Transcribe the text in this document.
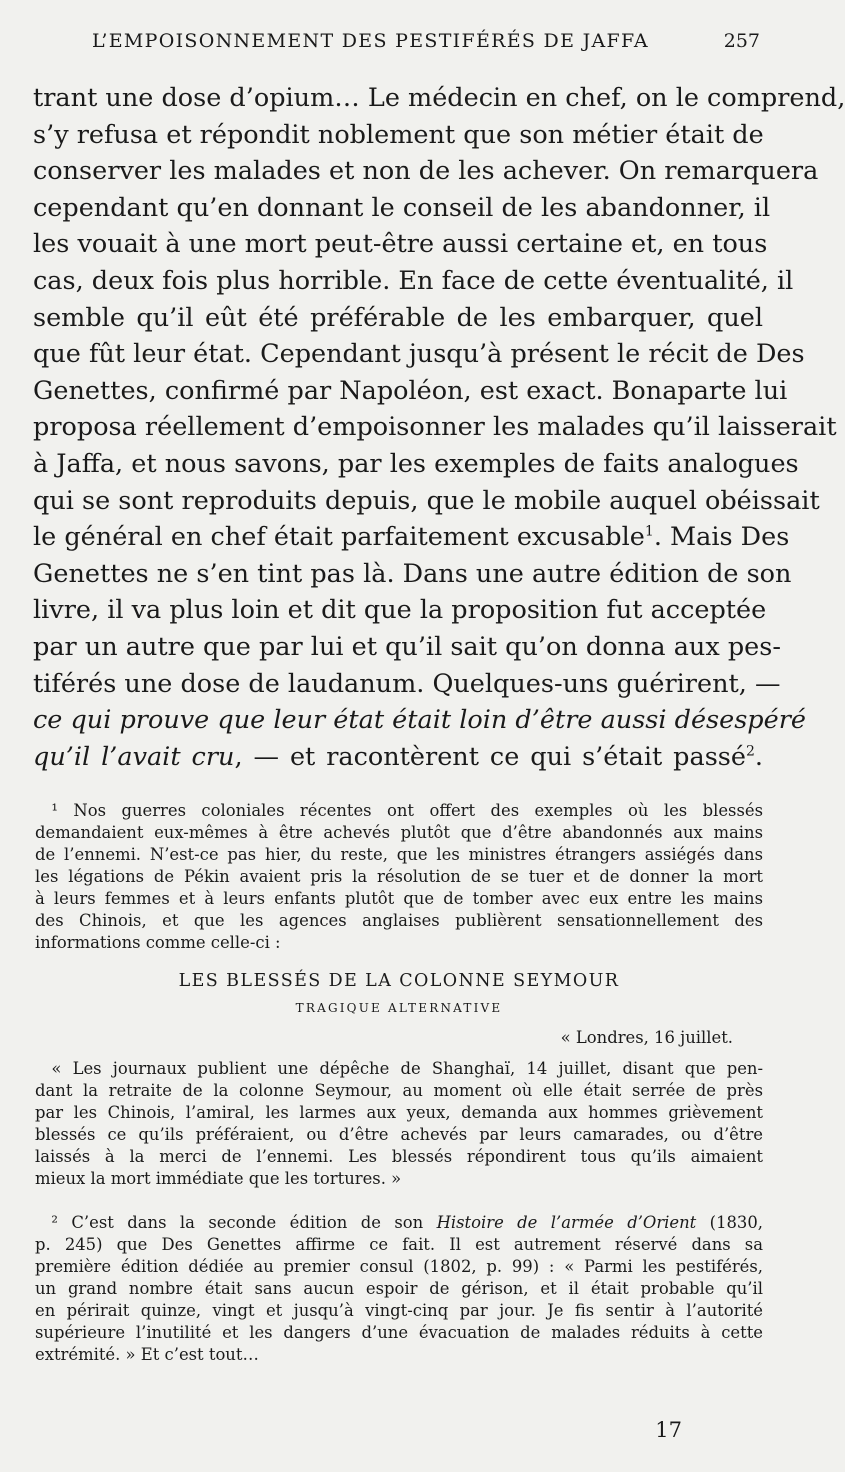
L’EMPOISONNEMENT DES PESTIFÉRÉS DE JAFFA	257
trant une dose d’opium… Le médecin en chef, on le comprend,
s’y refusa et répondit noblement que son métier était de
conserver les malades et non de les achever. On remarquera
cependant qu’en donnant le conseil de les abandonner, il
les vouait à une mort peut-être aussi certaine et, en tous
cas, deux fois plus horrible. En face de cette éventualité, il
semble qu’il eût été préférable de les embarquer, quel
que fût leur état. Cependant jusqu’à présent le récit de Des
Genettes, confirmé par Napoléon, est exact. Bonaparte lui
proposa réellement d’empoisonner les malades qu’il laisserait
à Jaffa, et nous savons, par les exemples de faits analogues
qui se sont reproduits depuis, que le mobile auquel obéissait
le général en chef était parfaitement excusable$^1$. Mais Des
Genettes ne s’en tint pas là. Dans une autre édition de son
livre, il va plus loin et dit que la proposition fut acceptée
par un autre que par lui et qu’il sait qu’on donna aux pes-
tiférés une dose de laudanum. Quelques-uns guérirent, —
ce qui prouve que leur état était loin d’être aussi désespéré
qu’il l’avait cru, — et racontèrent ce qui s’était passé$^2$.
 ¹ Nos guerres coloniales récentes ont offert des exemples où les blessés
demandaient eux-mêmes à être achevés plutôt que d’être abandonnés aux mains
de l’ennemi. N’est-ce pas hier, du reste, que les ministres étrangers assiégés dans
les légations de Pékin avaient pris la résolution de se tuer et de donner la mort
à leurs femmes et à leurs enfants plutôt que de tomber avec eux entre les mains
des Chinois, et que les agences anglaises publièrent sensationnellement des
informations comme celle-ci :
LES BLESSÉS DE LA COLONNE SEYMOUR
TRAGIQUE ALTERNATIVE
« Londres, 16 juillet.
 « Les journaux publient une dépêche de Shanghaï, 14 juillet, disant que pen-
dant la retraite de la colonne Seymour, au moment où elle était serrée de près
par les Chinois, l’amiral, les larmes aux yeux, demanda aux hommes grièvement
blessés ce qu’ils préféraient, ou d’être achevés par leurs camarades, ou d’être
laissés à la merci de l’ennemi. Les blessés répondirent tous qu’ils aimaient
mieux la mort immédiate que les tortures. »
 ² C’est dans la seconde édition de son Histoire de l’armée d’Orient (1830,
p. 245) que Des Genettes affirme ce fait. Il est autrement réservé dans sa
première édition dédiée au premier consul (1802, p. 99) : « Parmi les pestiférés,
un grand nombre était sans aucun espoir de gérison, et il était probable qu’il
en périrait quinze, vingt et jusqu’à vingt-cinq par jour. Je fis sentir à l’autorité
supérieure l’inutilité et les dangers d’une évacuation de malades réduits à cette
extrémité. » Et c’est tout…
17
